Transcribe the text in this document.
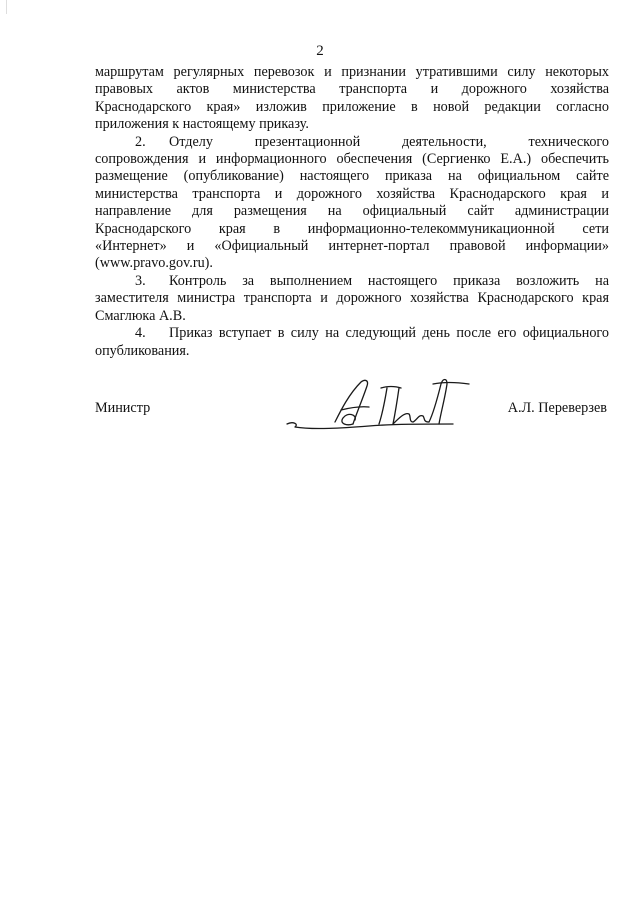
2

маршрутам регулярных перевозок и признании утратившими силу некоторых
правовых актов министерства транспорта и дорожного хозяйства
Краснодарского края» изложив приложение в новой редакции согласно
приложения к настоящему приказу.

2. Отделу презентационной деятельности, технического
сопровождения и информационного обеспечения (Сергиенко Е.А.) обеспечить
размещение (опубликование) настоящего приказа на официальном сайте
министерства транспорта и дорожного хозяйства Краснодарского края и
направление для размещения на официальный сайт администрации
Краснодарского края в информационно-телекоммуникационной сети
«Интернет» и «Официальный интернет-портал правовой информации»
(www.pravo.gov.ru).

3. Контроль за выполнением настоящего приказа возложить на
заместителя министра транспорта и дорожного хозяйства Краснодарского края
Смаглюка А.В.

4. Приказ вступает в силу на следующий день после его официального
опубликования.

Министр	А.Л. Переверзев
